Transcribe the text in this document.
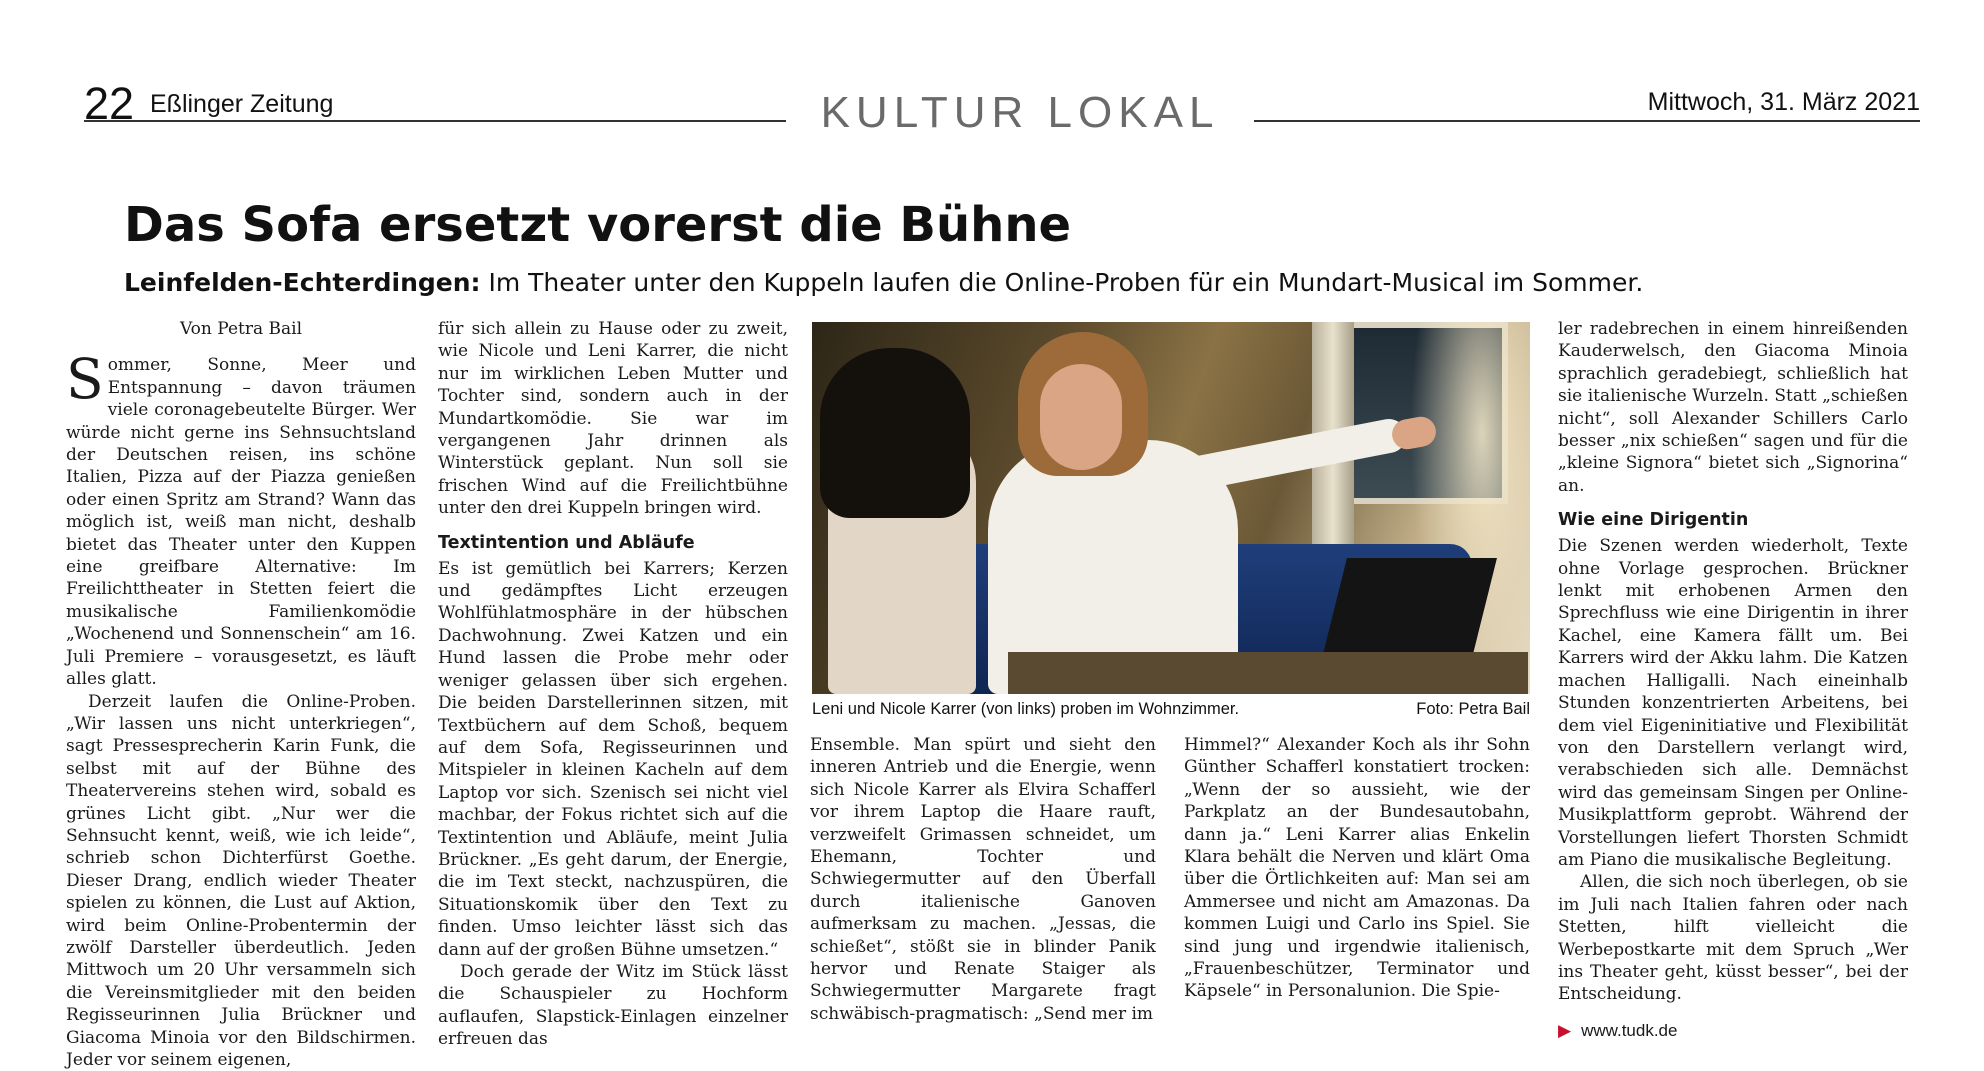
22 Eßlinger Zeitung	KULTUR LOKAL	Mittwoch, 31. März 2021
Das Sofa ersetzt vorerst die Bühne
Leinfelden-Echterdingen: Im Theater unter den Kuppeln laufen die Online-Proben für ein Mundart-Musical im Sommer.

Von Petra Bail

Sommer, Sonne, Meer und Entspannung – davon träumen viele coronagebeutelte Bürger. Wer würde nicht gerne ins Sehnsuchtsland der Deutschen reisen, ins schöne Italien, Pizza auf der Piazza genießen oder einen Spritz am Strand? Wann das möglich ist, weiß man nicht, deshalb bietet das Theater unter den Kuppen eine greifbare Alternative: Im Freilichttheater in Stetten feiert die musikalische Familienkomödie „Wochenend und Sonnenschein“ am 16. Juli Premiere – vorausgesetzt, es läuft alles glatt.

Derzeit laufen die Online-Proben. „Wir lassen uns nicht unterkriegen“, sagt Pressesprecherin Karin Funk, die selbst mit auf der Bühne des Theatervereins stehen wird, sobald es grünes Licht gibt. „Nur wer die Sehnsucht kennt, weiß, wie ich leide“, schrieb schon Dichterfürst Goethe. Dieser Drang, endlich wieder Theater spielen zu können, die Lust auf Aktion, wird beim Online-Probentermin der zwölf Darsteller überdeutlich. Jeden Mittwoch um 20 Uhr versammeln sich die Vereinsmitglieder mit den beiden Regisseurinnen Julia Brückner und Giacoma Minoia vor den Bildschirmen. Jeder vor seinem eigenen,

für sich allein zu Hause oder zu zweit, wie Nicole und Leni Karrer, die nicht nur im wirklichen Leben Mutter und Tochter sind, sondern auch in der Mundartkomödie. Sie war im vergangenen Jahr drinnen als Winterstück geplant. Nun soll sie frischen Wind auf die Freilichtbühne unter den drei Kuppeln bringen wird.

Textintention und Abläufe

Es ist gemütlich bei Karrers; Kerzen und gedämpftes Licht erzeugen Wohlfühlatmosphäre in der hübschen Dachwohnung. Zwei Katzen und ein Hund lassen die Probe mehr oder weniger gelassen über sich ergehen. Die beiden Darstellerinnen sitzen, mit Textbüchern auf dem Schoß, bequem auf dem Sofa, Regisseurinnen und Mitspieler in kleinen Kacheln auf dem Laptop vor sich. Szenisch sei nicht viel machbar, der Fokus richtet sich auf die Textintention und Abläufe, meint Julia Brückner. „Es geht darum, der Energie, die im Text steckt, nachzuspüren, die Situationskomik über den Text zu finden. Umso leichter lässt sich das dann auf der großen Bühne umsetzen.“

Doch gerade der Witz im Stück lässt die Schauspieler zu Hochform auflaufen, Slapstick-Einlagen einzelner erfreuen das

Leni und Nicole Karrer (von links) proben im Wohnzimmer.	Foto: Petra Bail

Ensemble. Man spürt und sieht den inneren Antrieb und die Energie, wenn sich Nicole Karrer als Elvira Schafferl vor ihrem Laptop die Haare rauft, verzweifelt Grimassen schneidet, um Ehemann, Tochter und Schwiegermutter auf den Überfall durch italienische Ganoven aufmerksam zu machen. „Jessas, die schießet“, stößt sie in blinder Panik hervor und Renate Staiger als Schwiegermutter Margarete fragt schwäbisch-pragmatisch: „Send mer im

Himmel?“ Alexander Koch als ihr Sohn Günther Schafferl konstatiert trocken: „Wenn der so aussieht, wie der Parkplatz an der Bundesautobahn, dann ja.“ Leni Karrer alias Enkelin Klara behält die Nerven und klärt Oma über die Örtlichkeiten auf: Man sei am Ammersee und nicht am Amazonas. Da kommen Luigi und Carlo ins Spiel. Sie sind jung und irgendwie italienisch, „Frauenbeschützer, Terminator und Käpsele“ in Personalunion. Die Spie-

ler radebrechen in einem hinreißenden Kauderwelsch, den Giacoma Minoia sprachlich geradebiegt, schließlich hat sie italienische Wurzeln. Statt „schießen nicht“, soll Alexander Schillers Carlo besser „nix schießen“ sagen und für die „kleine Signora“ bietet sich „Signorina“ an.

Wie eine Dirigentin

Die Szenen werden wiederholt, Texte ohne Vorlage gesprochen. Brückner lenkt mit erhobenen Armen den Sprechfluss wie eine Dirigentin in ihrer Kachel, eine Kamera fällt um. Bei Karrers wird der Akku lahm. Die Katzen machen Halligalli. Nach eineinhalb Stunden konzentrierten Arbeitens, bei dem viel Eigeninitiative und Flexibilität von den Darstellern verlangt wird, verabschieden sich alle. Demnächst wird das gemeinsam Singen per Online-Musikplattform geprobt. Während der Vorstellungen liefert Thorsten Schmidt am Piano die musikalische Begleitung.

Allen, die sich noch überlegen, ob sie im Juli nach Italien fahren oder nach Stetten, hilft vielleicht die Werbepostkarte mit dem Spruch „Wer ins Theater geht, küsst besser“, bei der Entscheidung.

▶ www.tudk.de
